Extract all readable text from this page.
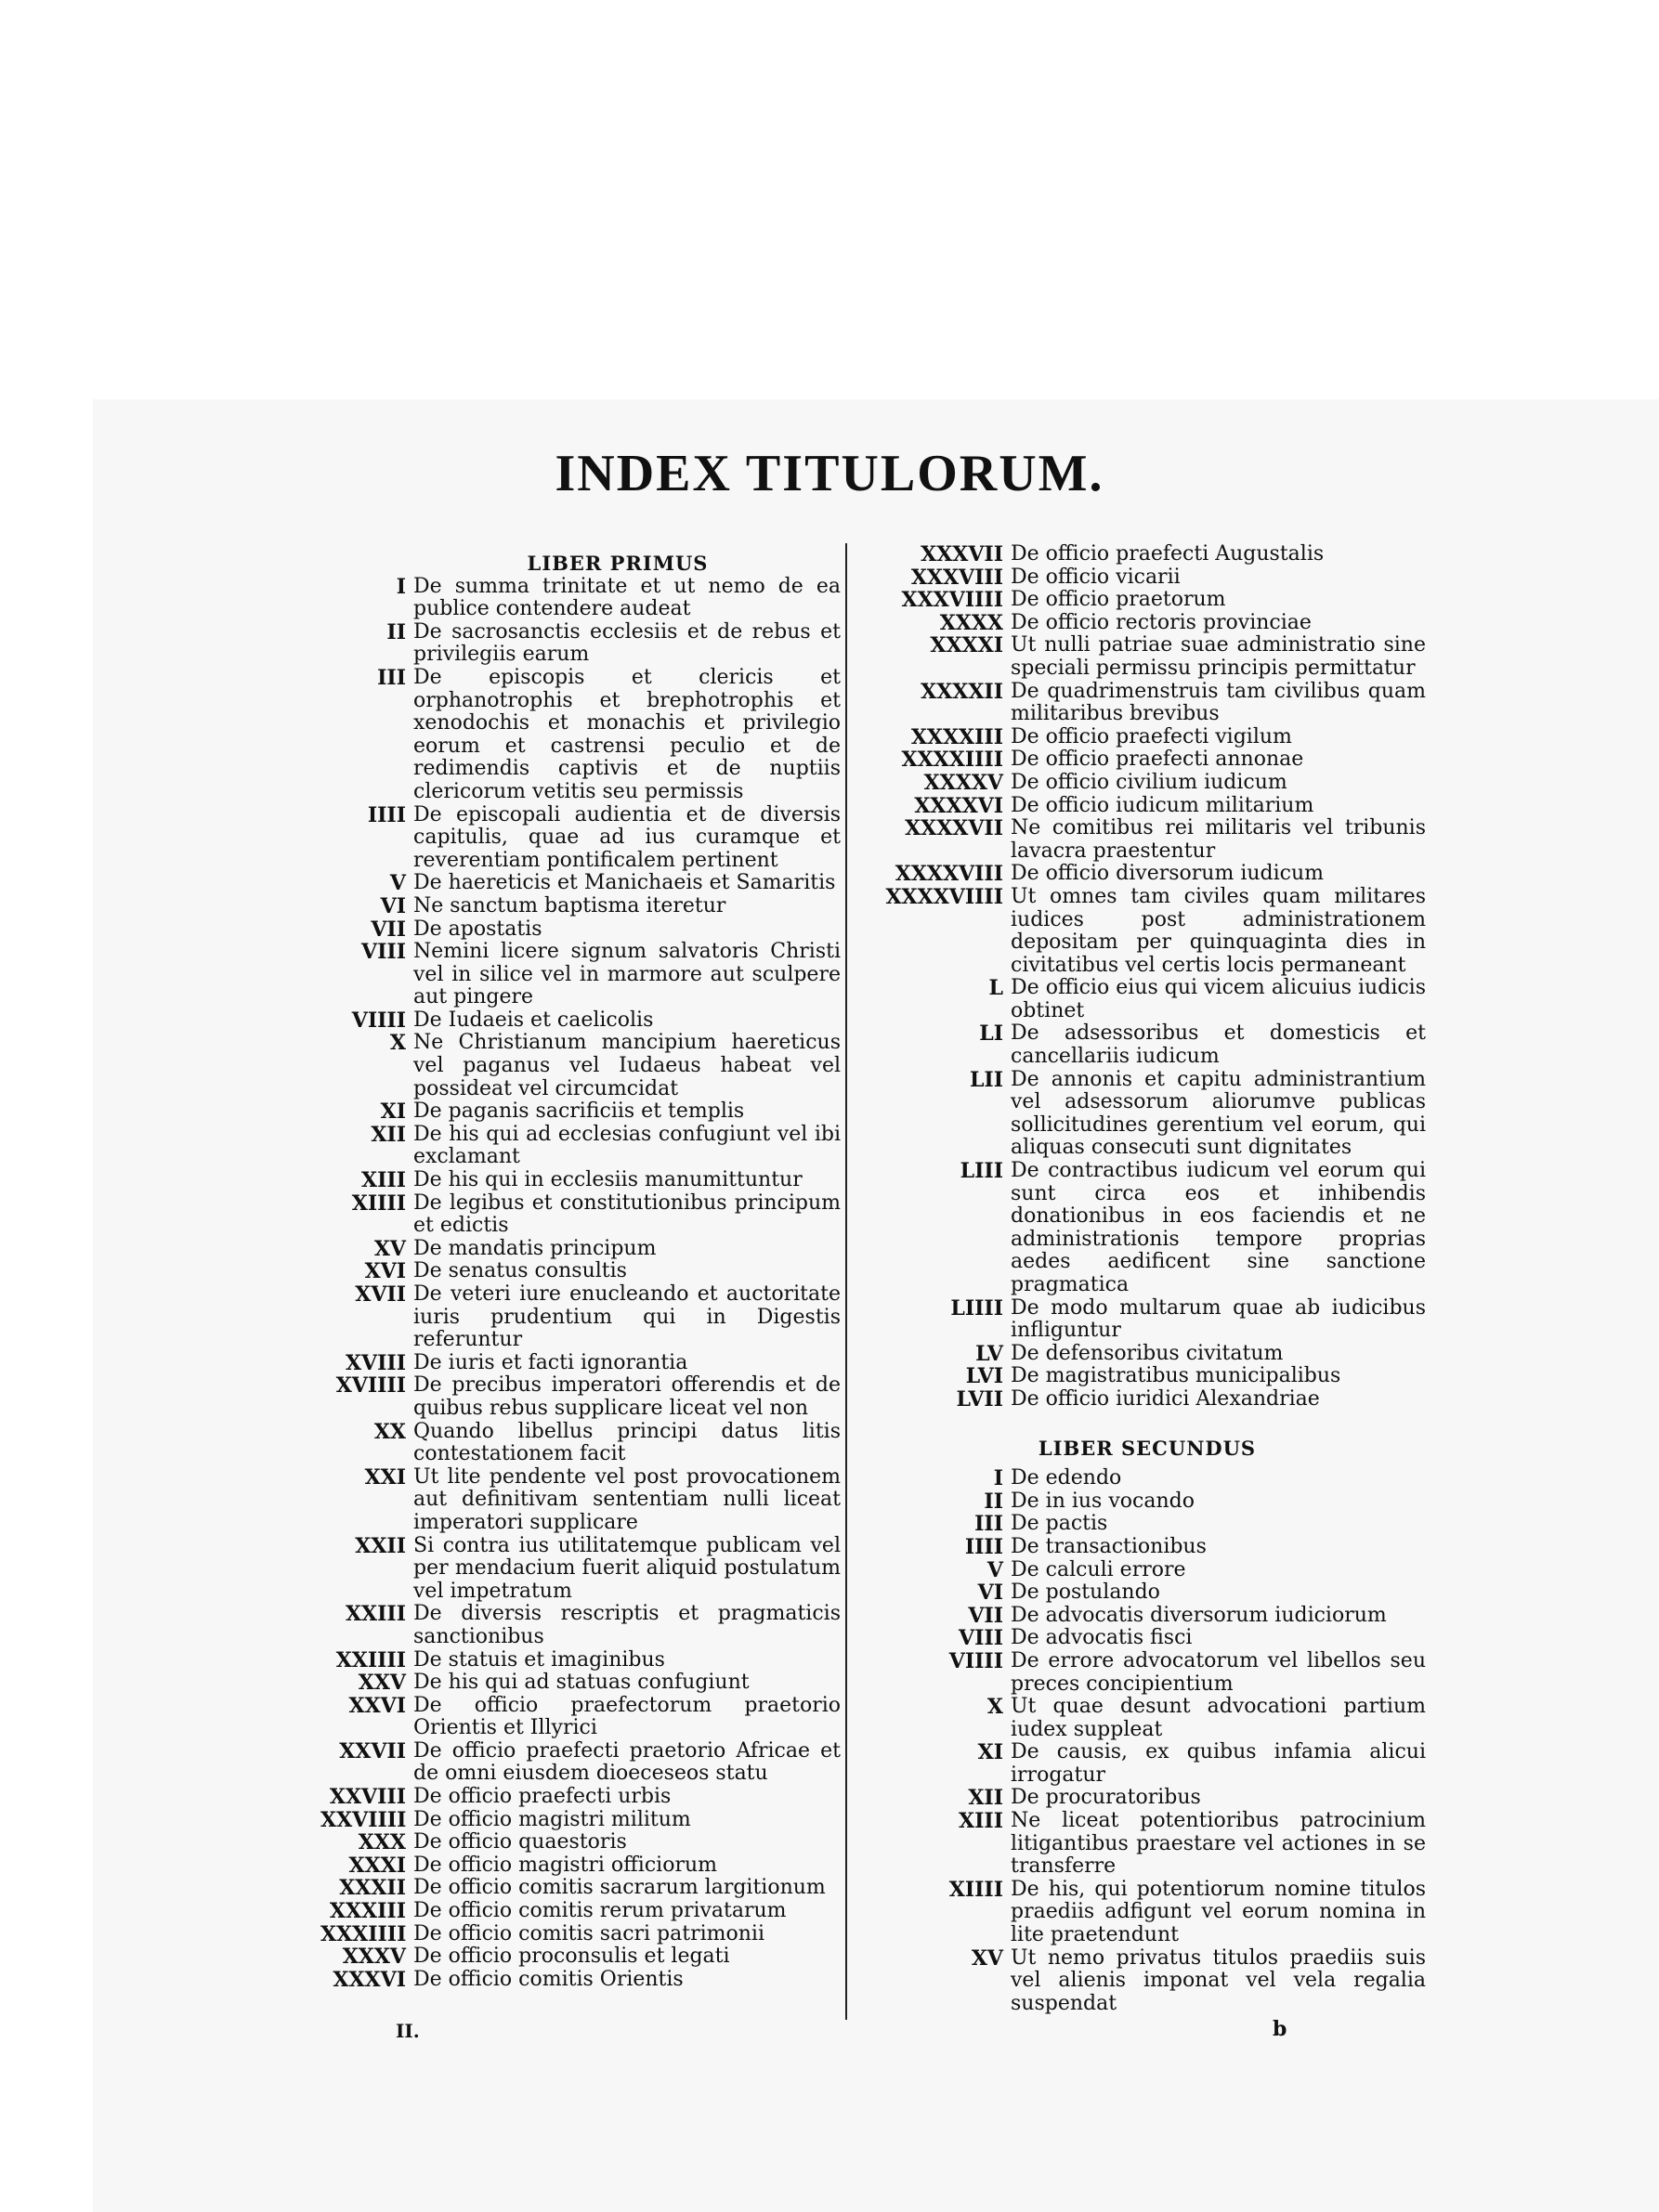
INDEX TITULORUM.
LIBER PRIMUS
I De summa trinitate et ut nemo de ea publice contendere audeat
II De sacrosanctis ecclesiis et de rebus et privilegiis earum
III De episcopis et clericis et orphanotrophis et brephotrophis et xenodochis et monachis et privilegio eorum et castrensi peculio et de redimendis captivis et de nuptiis clericorum vetitis seu permissis
IIII De episcopali audientia et de diversis capitulis, quae ad ius curamque et reverentiam pontificalem pertinent
V De haereticis et Manichaeis et Samaritis
VI Ne sanctum baptisma iteretur
VII De apostatis
VIII Nemini licere signum salvatoris Christi vel in silice vel in marmore aut sculpere aut pingere
VIIII De Iudaeis et caelicolis
X Ne Christianum mancipium haereticus vel paganus vel Iudaeus habeat vel possideat vel circumcidat
XI De paganis sacrificiis et templis
XII De his qui ad ecclesias confugiunt vel ibi exclamant
XIII De his qui in ecclesiis manumittuntur
XIIII De legibus et constitutionibus principum et edictis
XV De mandatis principum
XVI De senatus consultis
XVII De veteri iure enucleando et auctoritate iuris prudentium qui in Digestis referuntur
XVIII De iuris et facti ignorantia
XVIIII De precibus imperatori offerendis et de quibus rebus supplicare liceat vel non
XX Quando libellus principi datus litis contestationem facit
XXI Ut lite pendente vel post provocationem aut definitivam sententiam nulli liceat imperatori supplicare
XXII Si contra ius utilitatemque publicam vel per mendacium fuerit aliquid postulatum vel impetratum
XXIII De diversis rescriptis et pragmaticis sanctionibus
XXIIII De statuis et imaginibus
XXV De his qui ad statuas confugiunt
XXVI De officio praefectorum praetorio Orientis et Illyrici
XXVII De officio praefecti praetorio Africae et de omni eiusdem dioeceseos statu
XXVIII De officio praefecti urbis
XXVIIII De officio magistri militum
XXX De officio quaestoris
XXXI De officio magistri officiorum
XXXII De officio comitis sacrarum largitionum
XXXIII De officio comitis rerum privatarum
XXXIIII De officio comitis sacri patrimonii
XXXV De officio proconsulis et legati
XXXVI De officio comitis Orientis
XXXVII De officio praefecti Augustalis
XXXVIII De officio vicarii
XXXVIIII De officio praetorum
XXXX De officio rectoris provinciae
XXXXI Ut nulli patriae suae administratio sine speciali permissu principis permittatur
XXXXII De quadrimenstruis tam civilibus quam militaribus brevibus
XXXXIII De officio praefecti vigilum
XXXXIIII De officio praefecti annonae
XXXXV De officio civilium iudicum
XXXXVI De officio iudicum militarium
XXXXVII Ne comitibus rei militaris vel tribunis lavacra praestentur
XXXXVIII De officio diversorum iudicum
XXXXVIIII Ut omnes tam civiles quam militares iudices post administrationem depositam per quinquaginta dies in civitatibus vel certis locis permaneant
L De officio eius qui vicem alicuius iudicis obtinet
LI De adsessoribus et domesticis et cancellariis iudicum
LII De annonis et capitu administrantium vel adsessorum aliorumve publicas sollicitudines gerentium vel eorum, qui aliquas consecuti sunt dignitates
LIII De contractibus iudicum vel eorum qui sunt circa eos et inhibendis donationibus in eos faciendis et ne administrationis tempore proprias aedes aedificent sine sanctione pragmatica
LIIII De modo multarum quae ab iudicibus infliguntur
LV De defensoribus civitatum
LVI De magistratibus municipalibus
LVII De officio iuridici Alexandriae
LIBER SECUNDUS
I De edendo
II De in ius vocando
III De pactis
IIII De transactionibus
V De calculi errore
VI De postulando
VII De advocatis diversorum iudiciorum
VIII De advocatis fisci
VIIII De errore advocatorum vel libellos seu preces concipientium
X Ut quae desunt advocationi partium iudex suppleat
XI De causis, ex quibus infamia alicui irrogatur
XII De procuratoribus
XIII Ne liceat potentioribus patrocinium litigantibus praestare vel actiones in se transferre
XIIII De his, qui potentiorum nomine titulos praediis adfigunt vel eorum nomina in lite praetendunt
XV Ut nemo privatus titulos praediis suis vel alienis imponat vel vela regalia suspendat
II.	b
